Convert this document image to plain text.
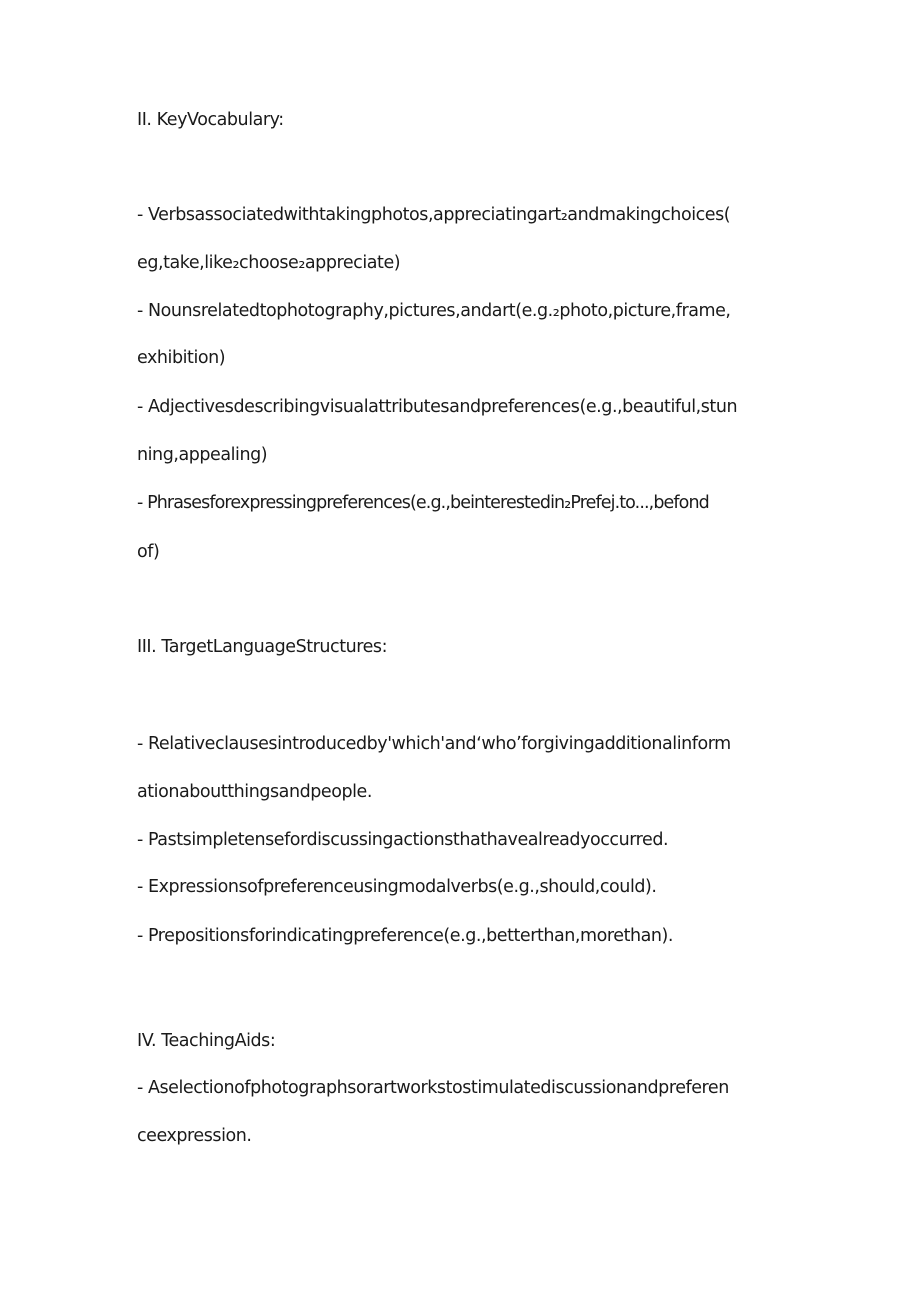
II. KeyVocabulary:
- Verbsassociatedwithtakingphotos,appreciatingart₂andmakingchoices(
eg,take,like₂choose₂appreciate)
- Nounsrelatedtophotography,pictures,andart(e.g.₂photo,picture,frame,
exhibition)
- Adjectivesdescribingvisualattributesandpreferences(e.g.,beautiful,stun
ning,appealing)
- Phrasesforexpressingpreferences(e.g.,beinterestedin₂Prefej.to...,befond
of)
III. TargetLanguageStructures:
- Relativeclausesintroducedby'which'andʻwhoʼforgivingadditionalinform
ationaboutthingsandpeople.
- Pastsimpletensefordiscussingactionsthathavealreadyoccurred.
- Expressionsofpreferenceusingmodalverbs(e.g.,should,could).
- Prepositionsforindicatingpreference(e.g.,betterthan,morethan).
IV. TeachingAids:
- Aselectionofphotographsorartworkstostimulatediscussionandpreferen
ceexpression.
